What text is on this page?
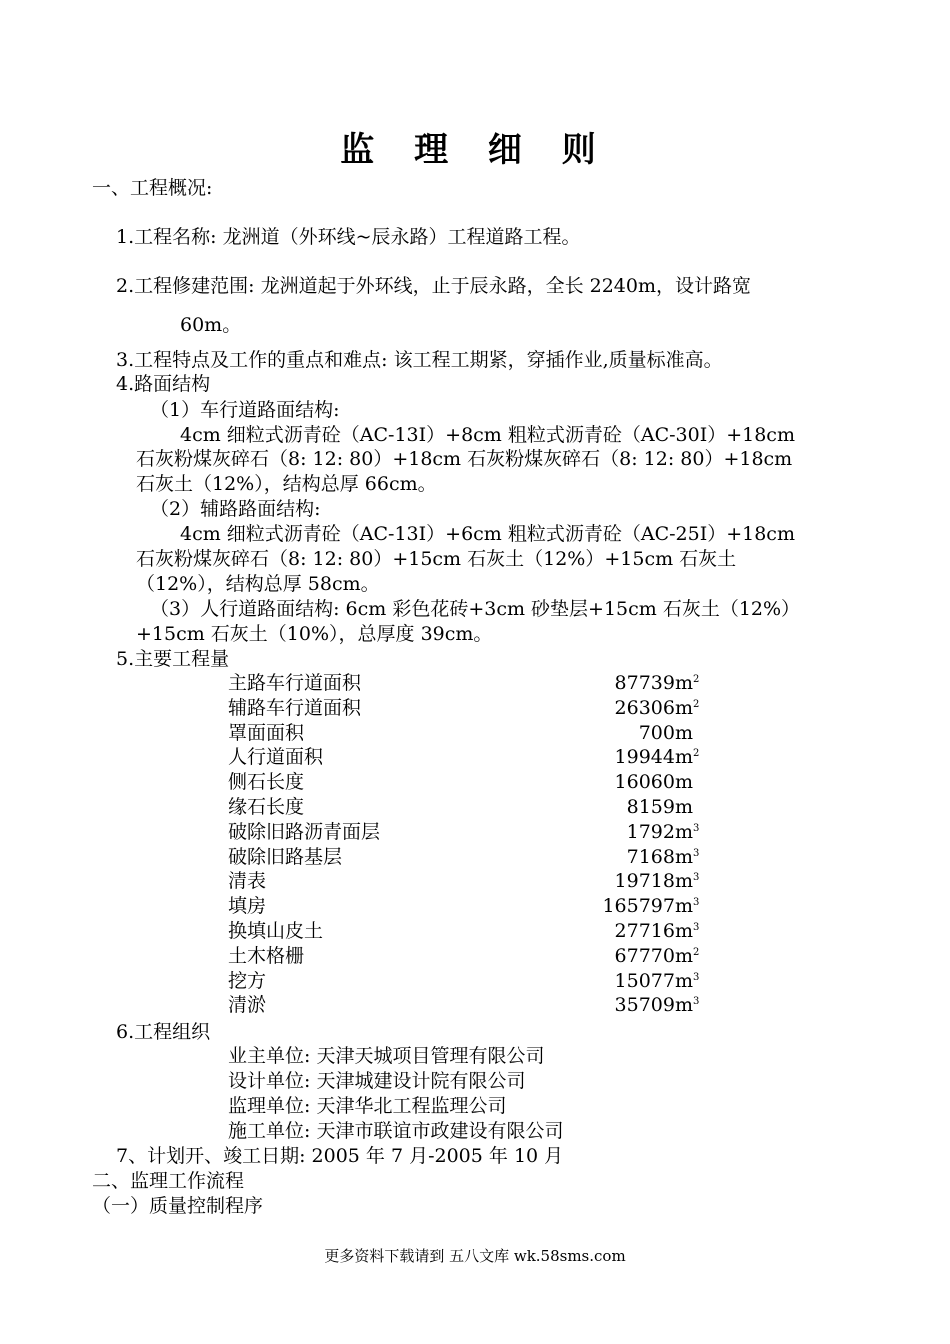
监 理 细 则
一、工程概况:
1.工程名称: 龙洲道（外环线~辰永路）工程道路工程。
2.工程修建范围: 龙洲道起于外环线，止于辰永路，全长 2240m，设计路宽
60m。
3.工程特点及工作的重点和难点: 该工程工期紧，穿插作业,质量标准高。
4.路面结构
（1）车行道路面结构:
4cm 细粒式沥青砼（AC-13Ⅰ）+8cm 粗粒式沥青砼（AC-30Ⅰ）+18cm
石灰粉煤灰碎石（8: 12: 80）+18cm 石灰粉煤灰碎石（8: 12: 80）+18cm
石灰土（12%），结构总厚 66cm。
（2）辅路路面结构:
4cm 细粒式沥青砼（AC-13Ⅰ）+6cm 粗粒式沥青砼（AC-25Ⅰ）+18cm
石灰粉煤灰碎石（8: 12: 80）+15cm 石灰土（12%）+15cm 石灰土
（12%），结构总厚 58cm。
（3）人行道路面结构: 6cm 彩色花砖+3cm 砂垫层+15cm 石灰土（12%）
+15cm 石灰土（10%），总厚度 39cm。
5.主要工程量
主路车行道面积	$87739m^2$
辅路车行道面积	$26306m^2$
罩面面积	700m
人行道面积	$19944m^2$
侧石长度	16060m
缘石长度	8159m
破除旧路沥青面层	$1792m^3$
破除旧路基层	$7168m^3$
清表	$19718m^3$
填房	$165797m^3$
换填山皮土	$27716m^3$
土木格栅	$67770m^2$
挖方	$15077m^3$
清淤	$35709m^3$
6.工程组织
业主单位: 天津天城项目管理有限公司
设计单位: 天津城建设计院有限公司
监理单位: 天津华北工程监理公司
施工单位: 天津市联谊市政建设有限公司
7、计划开、竣工日期: 2005 年 7 月-2005 年 10 月
二、监理工作流程
（一）质量控制程序
更多资料下载请到 五八文库 wk.58sms.com
